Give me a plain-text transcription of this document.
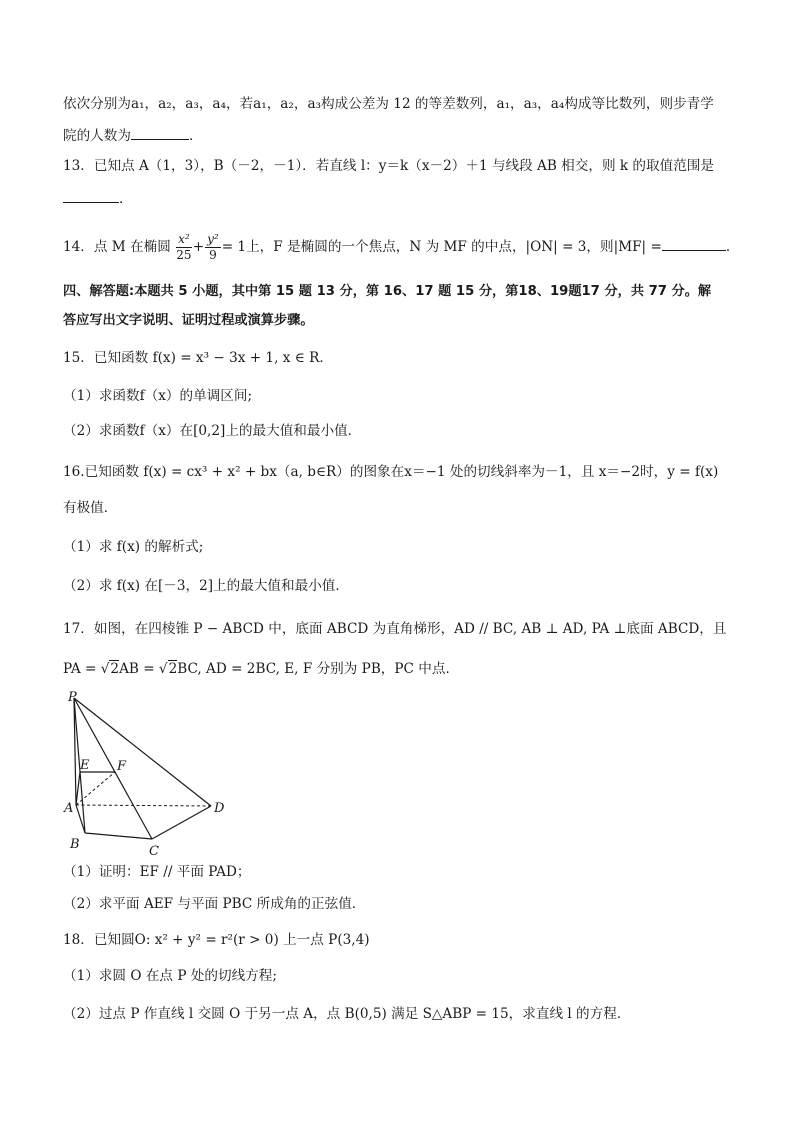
依次分别为a₁，a₂，a₃，a₄，若a₁，a₂，a₃构成公差为 12 的等差数列，a₁，a₃，a₄构成等比数列，则步青学
院的人数为	．
13．已知点 A（1，3），B（－2，－1）．若直线 l：y＝k（x－2）＋1 与线段 AB 相交，则 k 的取值范围是
．
14．点 M 在椭圆 $\frac{\text{x²}}{25} + \frac{\text{y²}}{9} = 1$上，F 是椭圆的一个焦点，N 为 MF 的中点，|ON| = 3，则|MF| =	．
四、解答题:本题共 5 小题，其中第 15 题 13 分，第 16、17 题 15 分，第18、19题17 分，共 77 分。解
答应写出文字说明、证明过程或演算步骤。
15．已知函数 f(x) = x³ − 3x + 1, x ∈ R．
（1）求函数f（x）的单调区间;
（2）求函数f（x）在[0,2]上的最大值和最小值．
16.已知函数 f(x) = cx³ + x² + bx（a, b∈R）的图象在x＝−1 处的切线斜率为－1，且 x＝−2时，y = f(x)
有极值．
（1）求 f(x) 的解析式;
（2）求 f(x) 在[－3，2]上的最大值和最小值．
17．如图，在四棱锥 P − ABCD 中，底面 ABCD 为直角梯形，AD // BC, AB ⊥ AD, PA ⊥底面 ABCD，且
PA = √2AB = √2BC, AD = 2BC, E, F 分别为 PB，PC 中点．
P
E F
A	D
B	C
（1）证明：EF // 平面 PAD；
（2）求平面 AEF 与平面 PBC 所成角的正弦值．
18．已知圆O: x² + y² = r²(r > 0) 上一点 P(3,4)
（1）求圆 O 在点 P 处的切线方程;
（2）过点 P 作直线 l 交圆 O 于另一点 A，点 B(0,5) 满足 S△ABP = 15，求直线 l 的方程．
